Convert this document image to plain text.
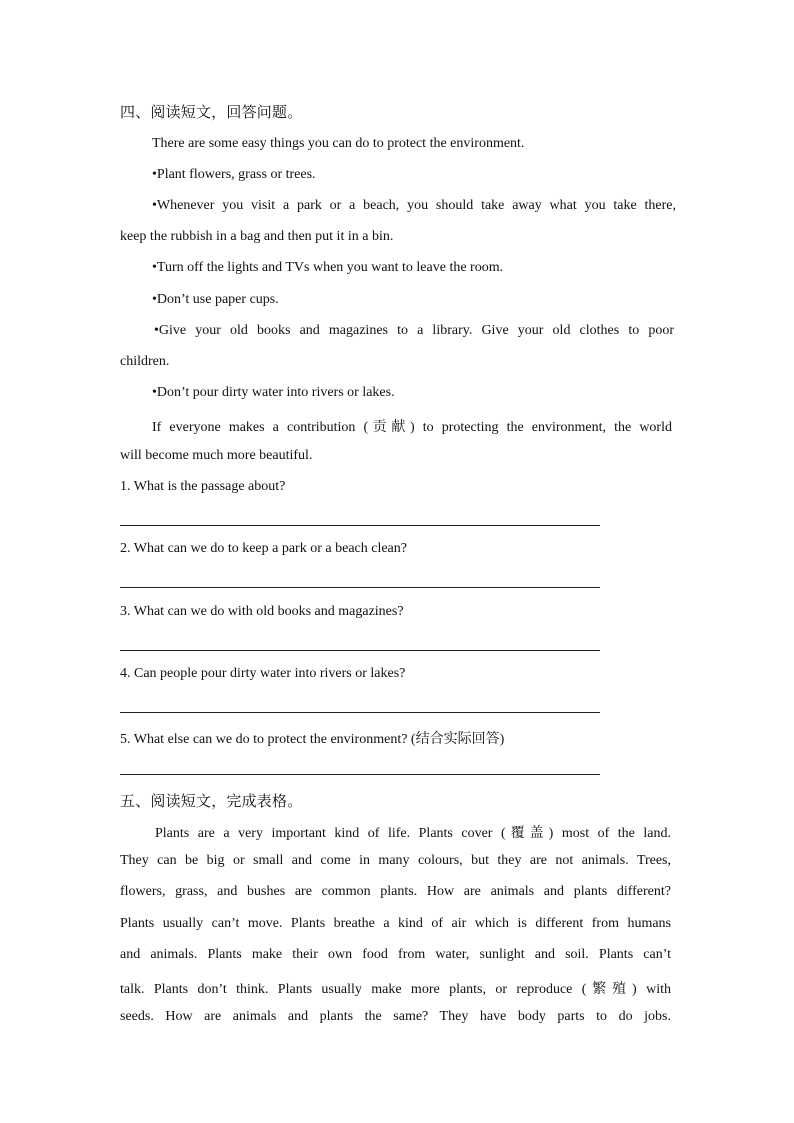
四、阅读短文，回答问题。
There are some easy things you can do to protect the environment.
•Plant flowers, grass or trees.
•Whenever you visit a park or a beach, you should take away what you take there,
keep the rubbish in a bag and then put it in a bin.
•Turn off the lights and TVs when you want to leave the room.
•Don’t use paper cups.
•Give your old books and magazines to a library. Give your old clothes to poor
children.
•Don’t pour dirty water into rivers or lakes.
If everyone makes a contribution (贡献) to protecting the environment, the world
will become much more beautiful.
1. What is the passage about?
2. What can we do to keep a park or a beach clean?
3. What can we do with old books and magazines?
4. Can people pour dirty water into rivers or lakes?
5. What else can we do to protect the environment? (结合实际回答)
五、阅读短文，完成表格。
Plants are a very important kind of life. Plants cover (覆盖) most of the land.
They can be big or small and come in many colours, but they are not animals. Trees,
flowers, grass, and bushes are common plants. How are animals and plants different?
Plants usually can’t move. Plants breathe a kind of air which is different from humans
and animals. Plants make their own food from water, sunlight and soil. Plants can’t
talk. Plants don’t think. Plants usually make more plants, or reproduce (繁殖) with
seeds. How are animals and plants the same? They have body parts to do jobs.
